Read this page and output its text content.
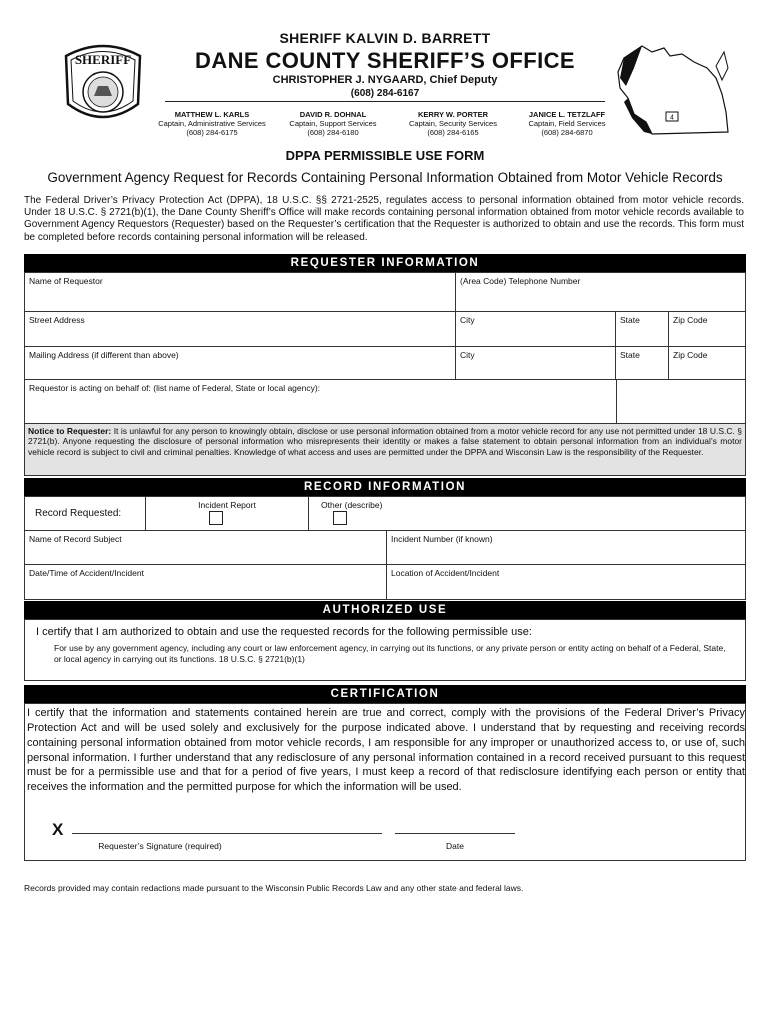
SHERIFF
SHERIFF KALVIN D. BARRETT
DANE COUNTY SHERIFF’S OFFICE
CHRISTOPHER J. NYGAARD, Chief Deputy
(608) 284-6167
MATTHEW L. KARLS
Captain, Administrative Services
(608) 284-6175
DAVID R. DOHNAL
Captain, Support Services
(608) 284-6180
KERRY W. PORTER
Captain, Security Services
(608) 284-6165
JANICE L. TETZLAFF
Captain, Field Services
(608) 284-6870
4
DPPA PERMISSIBLE USE FORM
Government Agency Request for Records Containing Personal Information Obtained from Motor Vehicle Records
The Federal Driver’s Privacy Protection Act (DPPA), 18 U.S.C. §§ 2721-2525, regulates access to personal information obtained from motor vehicle records. Under 18 U.S.C. § 2721(b)(1), the Dane County Sheriff’s Office will make records containing personal information obtained from motor vehicle records available to Government Agency Requestors (Requester) based on the Requester’s certification that the Requester is authorized to obtain and use the records. This form must be completed before records containing personal information will be released.
REQUESTER INFORMATION
Name of Requestor	(Area Code) Telephone Number
Street Address	City	State	Zip Code
Mailing Address (if different than above)	City	State	Zip Code
Requestor is acting on behalf of: (list name of Federal, State or local agency):
Notice to Requester: It is unlawful for any person to knowingly obtain, disclose or use personal information obtained from a motor vehicle record for any use not permitted under 18 U.S.C. § 2721(b). Anyone requesting the disclosure of personal information who misrepresents their identity or makes a false statement to obtain personal information from an individual’s motor vehicle record is subject to civil and criminal penalties. Knowledge of what access and uses are permitted under the DPPA and Wisconsin Law is the responsibility of the Requester.
RECORD INFORMATION
Record Requested:
Incident Report	Other (describe)
Name of Record Subject	Incident Number (if known)
Date/Time of Accident/Incident	Location of Accident/Incident
AUTHORIZED USE
I certify that I am authorized to obtain and use the requested records for the following permissible use:
For use by any government agency, including any court or law enforcement agency, in carrying out its functions, or any private person or entity acting on behalf of a Federal, State, or local agency in carrying out its functions. 18 U.S.C. § 2721(b)(1)
CERTIFICATION
I certify that the information and statements contained herein are true and correct, comply with the provisions of the Federal Driver’s Privacy Protection Act and will be used solely and exclusively for the purpose indicated above. I understand that by requesting and receiving records containing personal information obtained from motor vehicle records, I am responsible for any improper or unauthorized access to, or use of, such personal information. I further understand that any redisclosure of any personal information contained in a record received pursuant to this request must be for a permissible use and that for a period of five years, I must keep a record of that redisclosure identifying each person or entity that receives the information and the permitted purpose for which the information will be used.
X
Requester’s Signature (required)	Date
Records provided may contain redactions made pursuant to the Wisconsin Public Records Law and any other state and federal laws.
